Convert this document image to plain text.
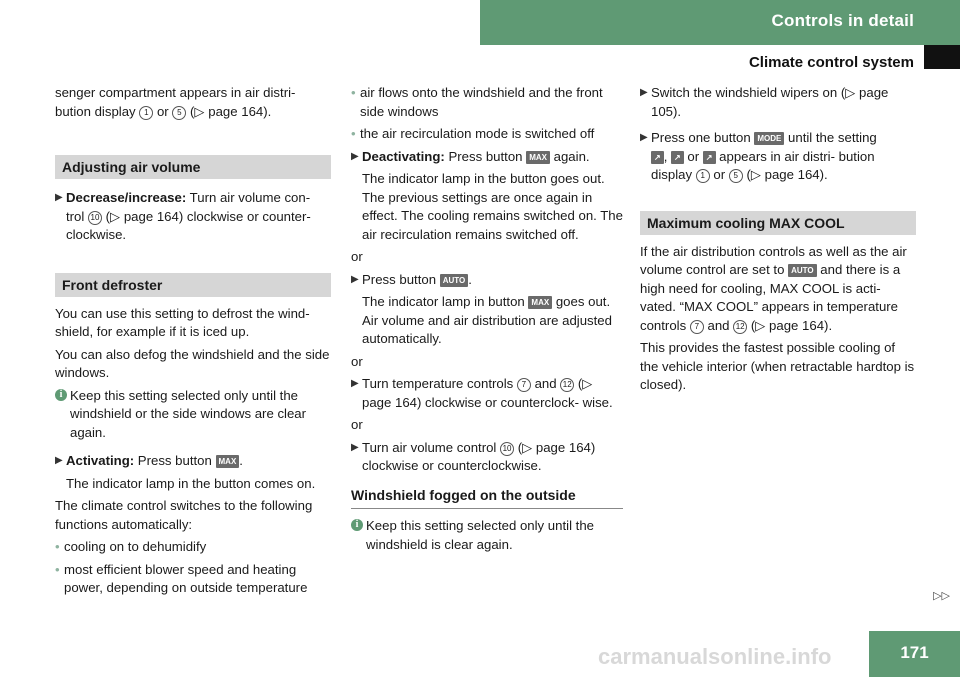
Controls in detail
Climate control system

senger compartment appears in air distri-
bution display 1 or 5 (▷ page 164).

Adjusting air volume
▶ Decrease/increase: Turn air volume con-
trol 10 (▷ page 164) clockwise or counter-
clockwise.
Front defroster

You can use this setting to defrost the wind- shield, for example if it is iced up.

You can also defog the windshield and the side windows.

i Keep this setting selected only until the windshield or the side windows are clear again.
▶ Activating: Press button MAX .

The indicator lamp in the button comes on.

The climate control switches to the following functions automatically:

• cooling on to dehumidify
• most efficient blower speed and heating power, depending on outside temperature
• air flows onto the windshield and the front side windows
• the air recirculation mode is switched off
▶ Deactivating: Press button MAX again.

The indicator lamp in the button goes out. The previous settings are once again in effect. The cooling remains switched on. The air recirculation remains switched off.

or

▶ Press button AUTO .

The indicator lamp in button MAX goes out. Air volume and air distribution are adjusted automatically.

or

▶ Turn temperature controls 7 and 12 (▷ page 164) clockwise or counterclock- wise.

or

▶ Turn air volume control 10 (▷ page 164) clockwise or counterclockwise.
Windshield fogged on the outside
i Keep this setting selected only until the windshield is clear again.
▶ Switch the windshield wipers on (▷ page 105).
▶ Press one button MODE until the setting
↗ , ↗ or ↗ appears in air distri- bution display 1 or 5 (▷ page 164).
Maximum cooling MAX COOL

If the air distribution controls as well as the air volume control are set to AUTO and there is a high need for cooling, MAX COOL is acti- vated. “MAX COOL” appears in temperature controls 7 and 12 (▷ page 164).

This provides the fastest possible cooling of the vehicle interior (when retractable hardtop is closed).

▷▷
171
carmanualsonline.info
